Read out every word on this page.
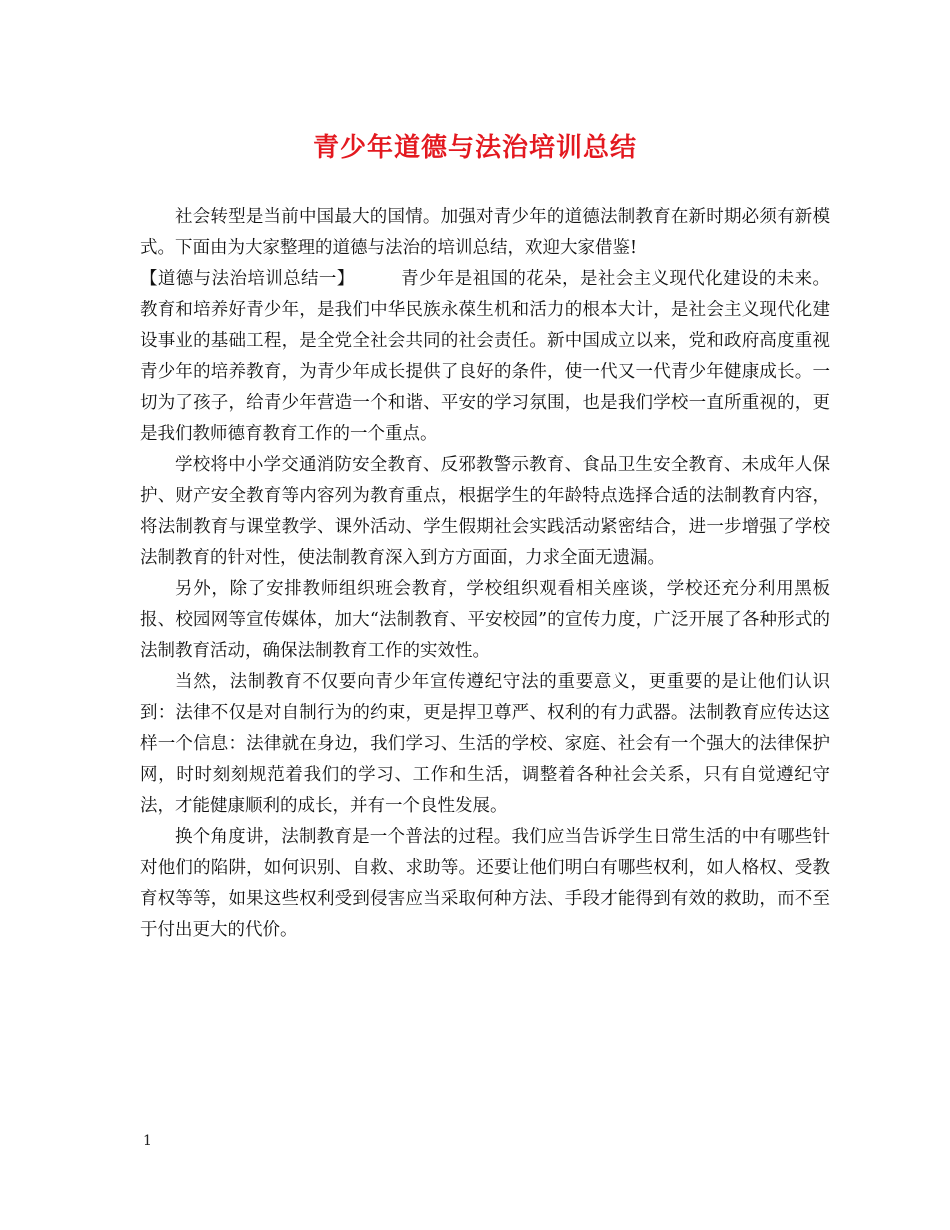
青少年道德与法治培训总结

社会转型是当前中国最大的国情。加强对青少年的道德法制教育在新时期必须有新模式。下面由为大家整理的道德与法治的培训总结，欢迎大家借鉴!

【道德与法治培训总结一】	青少年是祖国的花朵，是社会主义现代化建设的未来。教育和培养好青少年，是我们中华民族永葆生机和活力的根本大计，是社会主义现代化建设事业的基础工程，是全党全社会共同的社会责任。新中国成立以来，党和政府高度重视青少年的培养教育，为青少年成长提供了良好的条件，使一代又一代青少年健康成长。一切为了孩子，给青少年营造一个和谐、平安的学习氛围，也是我们学校一直所重视的，更是我们教师德育教育工作的一个重点。

学校将中小学交通消防安全教育、反邪教警示教育、食品卫生安全教育、未成年人保护、财产安全教育等内容列为教育重点，根据学生的年龄特点选择合适的法制教育内容，将法制教育与课堂教学、课外活动、学生假期社会实践活动紧密结合，进一步增强了学校法制教育的针对性，使法制教育深入到方方面面，力求全面无遗漏。

另外，除了安排教师组织班会教育，学校组织观看相关座谈，学校还充分利用黑板报、校园网等宣传媒体，加大“法制教育、平安校园”的宣传力度，广泛开展了各种形式的法制教育活动，确保法制教育工作的实效性。

当然，法制教育不仅要向青少年宣传遵纪守法的重要意义，更重要的是让他们认识到：法律不仅是对自制行为的约束，更是捍卫尊严、权利的有力武器。法制教育应传达这样一个信息：法律就在身边，我们学习、生活的学校、家庭、社会有一个强大的法律保护网，时时刻刻规范着我们的学习、工作和生活，调整着各种社会关系，只有自觉遵纪守法，才能健康顺利的成长，并有一个良性发展。

换个角度讲，法制教育是一个普法的过程。我们应当告诉学生日常生活的中有哪些针对他们的陷阱，如何识别、自救、求助等。还要让他们明白有哪些权利，如人格权、受教育权等等，如果这些权利受到侵害应当采取何种方法、手段才能得到有效的救助，而不至于付出更大的代价。

1
